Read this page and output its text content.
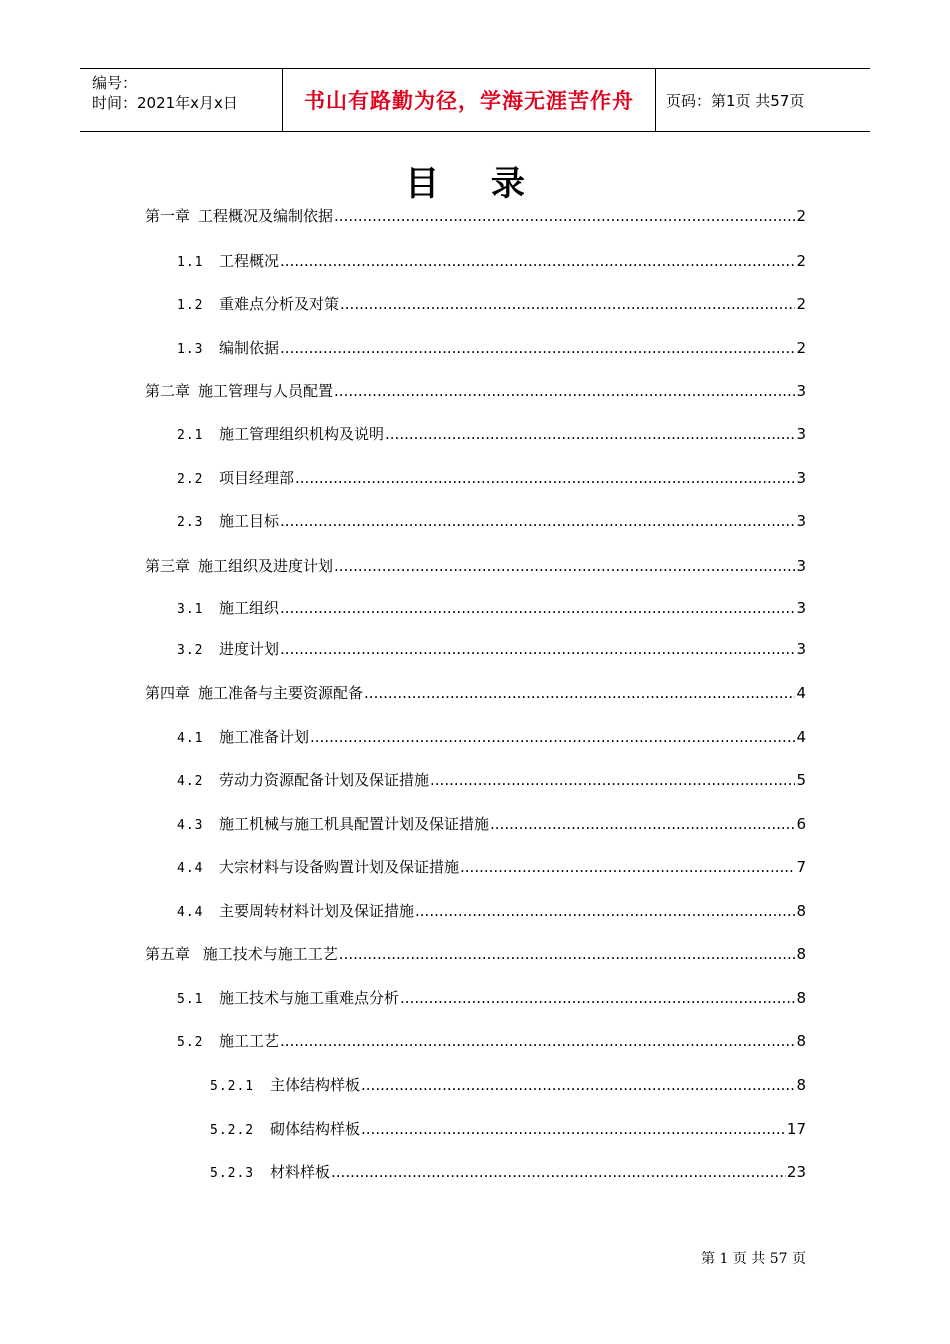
编号：
时间：2021年x月x日	书山有路勤为径，学海无涯苦作舟	页码：第1页 共57页
目 录
第一章 工程概况及编制依据 .....	2
1.1	工程概况 .....	2
1.2	重难点分析及对策 .....	2
1.3	编制依据 .....	2
第二章 施工管理与人员配置 .....	3
2.1	施工管理组织机构及说明 .....	3
2.2	项目经理部 .....	3
2.3	施工目标 .....	3
第三章 施工组织及进度计划 .....	3
3.1	施工组织 .....	3
3.2	进度计划 .....	3
第四章 施工准备与主要资源配备 .....	4
4.1	施工准备计划 .....	4
4.2	劳动力资源配备计划及保证措施 .....	5
4.3	施工机械与施工机具配置计划及保证措施 .....	6
4.4	大宗材料与设备购置计划及保证措施 .....	7
4.4	主要周转材料计划及保证措施 .....	8
第五章 施工技术与施工工艺 .....	8
5.1	施工技术与施工重难点分析 .....	8
5.2	施工工艺 .....	8
5.2.1	主体结构样板 .....	8
5.2.2	砌体结构样板 .....	17
5.2.3	材料样板 .....	23
第 1 页 共 57 页
